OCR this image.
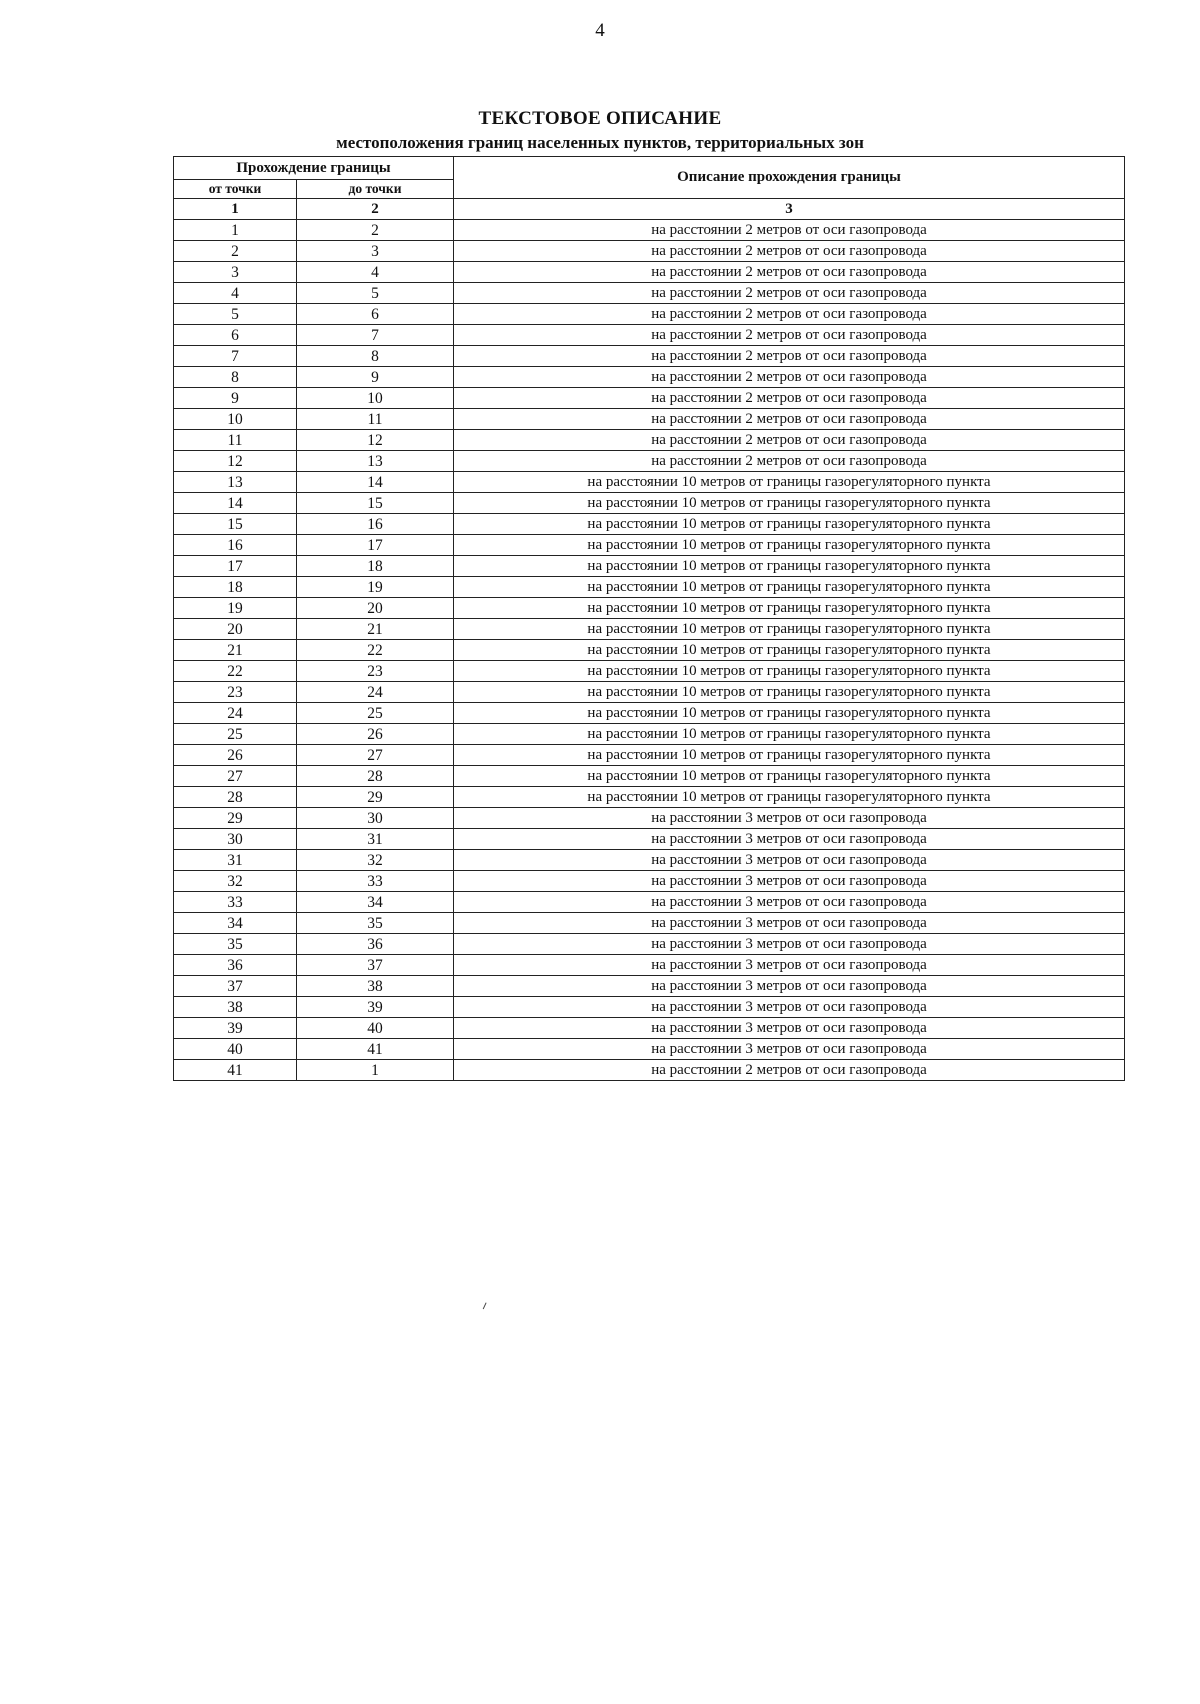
4
ТЕКСТОВОЕ ОПИСАНИЕ
местоположения границ населенных пунктов, территориальных зон
Прохождение границы		Описание прохождения границы
от точки	до точки	
1	2	3
1	2	на расстоянии 2 метров от оси газопровода
2	3	на расстоянии 2 метров от оси газопровода
3	4	на расстоянии 2 метров от оси газопровода
4	5	на расстоянии 2 метров от оси газопровода
5	6	на расстоянии 2 метров от оси газопровода
6	7	на расстоянии 2 метров от оси газопровода
7	8	на расстоянии 2 метров от оси газопровода
8	9	на расстоянии 2 метров от оси газопровода
9	10	на расстоянии 2 метров от оси газопровода
10	11	на расстоянии 2 метров от оси газопровода
11	12	на расстоянии 2 метров от оси газопровода
12	13	на расстоянии 2 метров от оси газопровода
13	14	на расстоянии 10 метров от границы газорегуляторного пункта
14	15	на расстоянии 10 метров от границы газорегуляторного пункта
15	16	на расстоянии 10 метров от границы газорегуляторного пункта
16	17	на расстоянии 10 метров от границы газорегуляторного пункта
17	18	на расстоянии 10 метров от границы газорегуляторного пункта
18	19	на расстоянии 10 метров от границы газорегуляторного пункта
19	20	на расстоянии 10 метров от границы газорегуляторного пункта
20	21	на расстоянии 10 метров от границы газорегуляторного пункта
21	22	на расстоянии 10 метров от границы газорегуляторного пункта
22	23	на расстоянии 10 метров от границы газорегуляторного пункта
23	24	на расстоянии 10 метров от границы газорегуляторного пункта
24	25	на расстоянии 10 метров от границы газорегуляторного пункта
25	26	на расстоянии 10 метров от границы газорегуляторного пункта
26	27	на расстоянии 10 метров от границы газорегуляторного пункта
27	28	на расстоянии 10 метров от границы газорегуляторного пункта
28	29	на расстоянии 10 метров от границы газорегуляторного пункта
29	30	на расстоянии 3 метров от оси газопровода
30	31	на расстоянии 3 метров от оси газопровода
31	32	на расстоянии 3 метров от оси газопровода
32	33	на расстоянии 3 метров от оси газопровода
33	34	на расстоянии 3 метров от оси газопровода
34	35	на расстоянии 3 метров от оси газопровода
35	36	на расстоянии 3 метров от оси газопровода
36	37	на расстоянии 3 метров от оси газопровода
37	38	на расстоянии 3 метров от оси газопровода
38	39	на расстоянии 3 метров от оси газопровода
39	40	на расстоянии 3 метров от оси газопровода
40	41	на расстоянии 3 метров от оси газопровода
41	1	на расстоянии 2 метров от оси газопровода
